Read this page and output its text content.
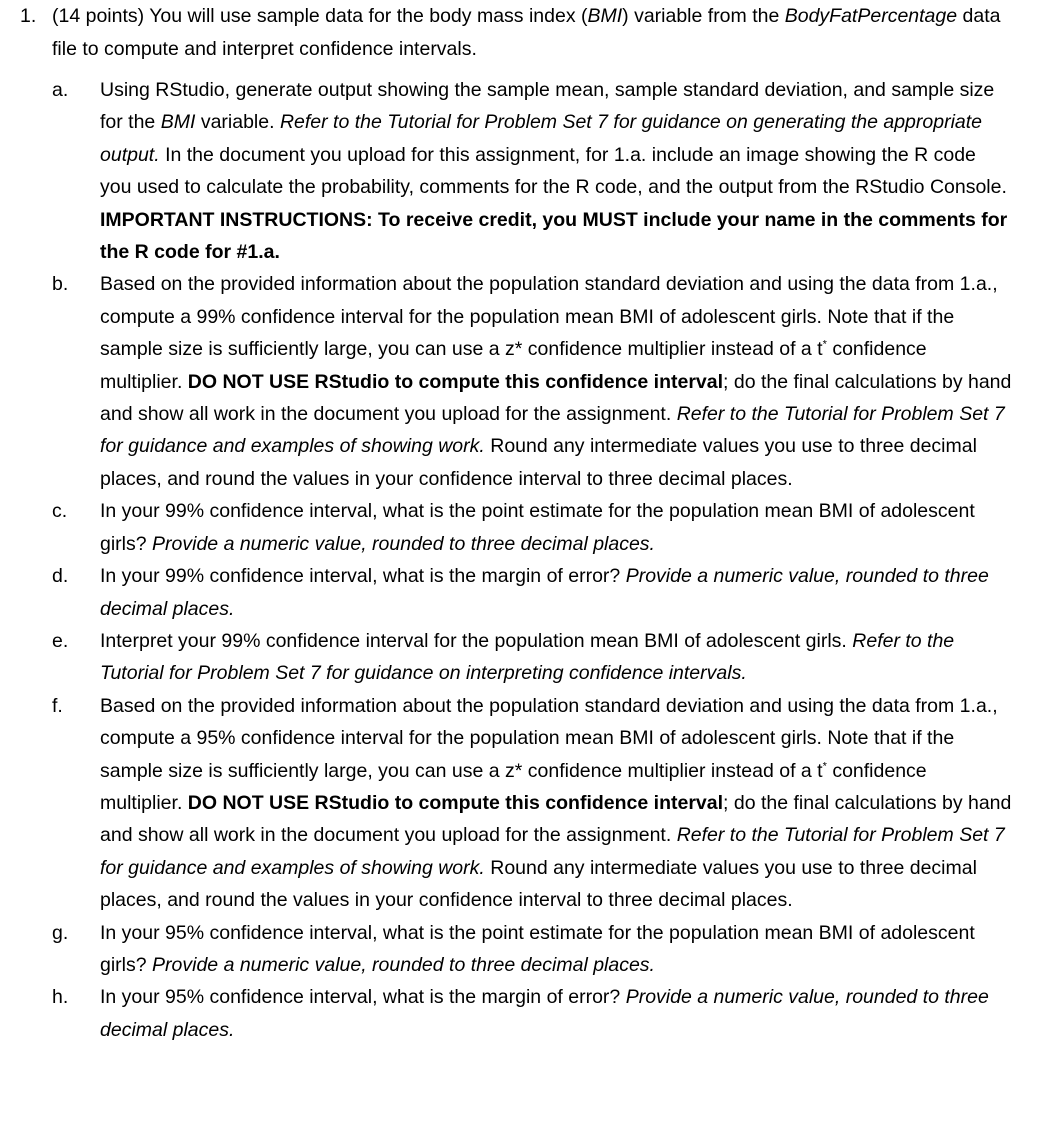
1. (14 points) You will use sample data for the body mass index (BMI) variable from the BodyFatPercentage data file to compute and interpret confidence intervals.
a. Using RStudio, generate output showing the sample mean, sample standard deviation, and sample size for the BMI variable. Refer to the Tutorial for Problem Set 7 for guidance on generating the appropriate output. In the document you upload for this assignment, for 1.a. include an image showing the R code you used to calculate the probability, comments for the R code, and the output from the RStudio Console. IMPORTANT INSTRUCTIONS: To receive credit, you MUST include your name in the comments for the R code for #1.a.
b. Based on the provided information about the population standard deviation and using the data from 1.a., compute a 99% confidence interval for the population mean BMI of adolescent girls. Note that if the sample size is sufficiently large, you can use a z* confidence multiplier instead of a t* confidence multiplier. DO NOT USE RStudio to compute this confidence interval; do the final calculations by hand and show all work in the document you upload for the assignment. Refer to the Tutorial for Problem Set 7 for guidance and examples of showing work. Round any intermediate values you use to three decimal places, and round the values in your confidence interval to three decimal places.
c. In your 99% confidence interval, what is the point estimate for the population mean BMI of adolescent girls? Provide a numeric value, rounded to three decimal places.
d. In your 99% confidence interval, what is the margin of error? Provide a numeric value, rounded to three decimal places.
e. Interpret your 99% confidence interval for the population mean BMI of adolescent girls. Refer to the Tutorial for Problem Set 7 for guidance on interpreting confidence intervals.
f. Based on the provided information about the population standard deviation and using the data from 1.a., compute a 95% confidence interval for the population mean BMI of adolescent girls. Note that if the sample size is sufficiently large, you can use a z* confidence multiplier instead of a t* confidence multiplier. DO NOT USE RStudio to compute this confidence interval; do the final calculations by hand and show all work in the document you upload for the assignment. Refer to the Tutorial for Problem Set 7 for guidance and examples of showing work. Round any intermediate values you use to three decimal places, and round the values in your confidence interval to three decimal places.
g. In your 95% confidence interval, what is the point estimate for the population mean BMI of adolescent girls? Provide a numeric value, rounded to three decimal places.
h. In your 95% confidence interval, what is the margin of error? Provide a numeric value, rounded to three decimal places.
